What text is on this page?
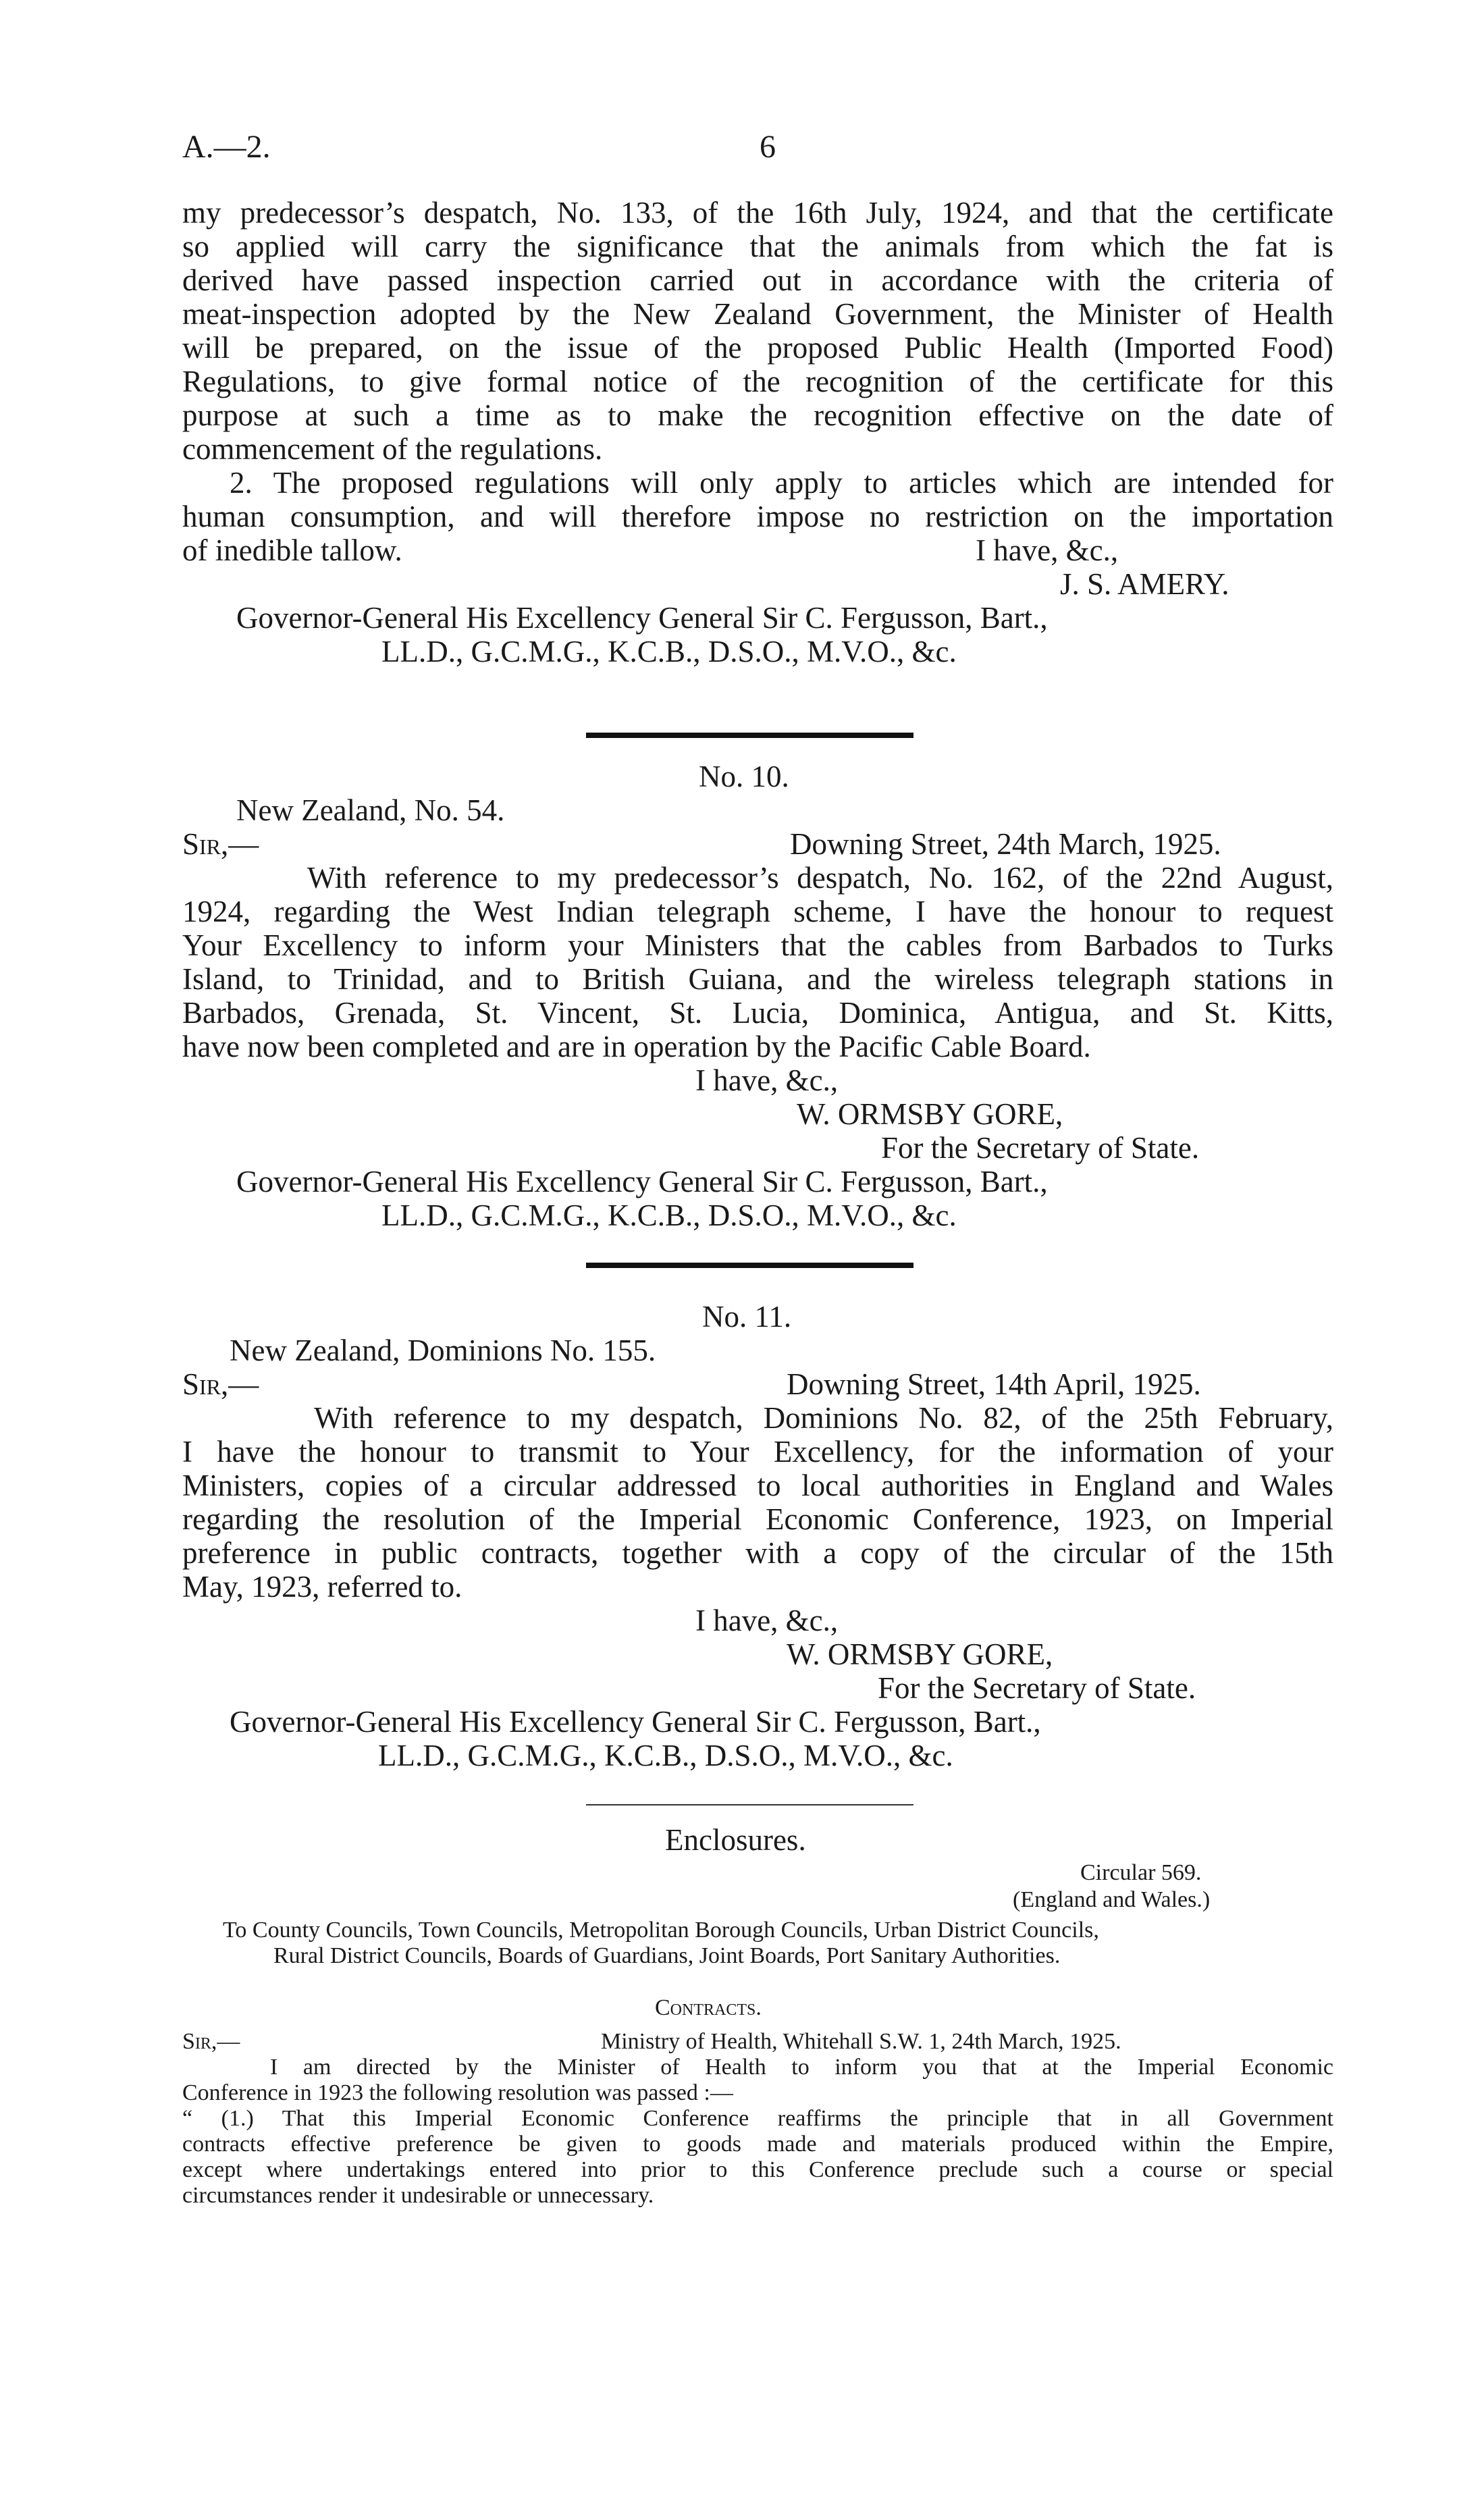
A.—2.	6
my predecessor’s despatch, No. 133, of the 16th July, 1924, and that the certificate
so applied will carry the significance that the animals from which the fat is
derived have passed inspection carried out in accordance with the criteria of
meat-inspection adopted by the New Zealand Government, the Minister of Health
will be prepared, on the issue of the proposed Public Health (Imported Food)
Regulations, to give formal notice of the recognition of the certificate for this
purpose at such a time as to make the recognition effective on the date of
commencement of the regulations.
2. The proposed regulations will only apply to articles which are intended for
human consumption, and will therefore impose no restriction on the importation
of inedible tallow.	I have, &c.,
J. S. AMERY.
Governor-General His Excellency General Sir C. Fergusson, Bart.,
LL.D., G.C.M.G., K.C.B., D.S.O., M.V.O., &c.
No. 10.
New Zealand, No. 54.
Sir,—	Downing Street, 24th March, 1925.
With reference to my predecessor’s despatch, No. 162, of the 22nd August,
1924, regarding the West Indian telegraph scheme, I have the honour to request
Your Excellency to inform your Ministers that the cables from Barbados to Turks
Island, to Trinidad, and to British Guiana, and the wireless telegraph stations in
Barbados, Grenada, St. Vincent, St. Lucia, Dominica, Antigua, and St. Kitts,
have now been completed and are in operation by the Pacific Cable Board.
I have, &c.,
W. ORMSBY GORE,
For the Secretary of State.
Governor-General His Excellency General Sir C. Fergusson, Bart.,
LL.D., G.C.M.G., K.C.B., D.S.O., M.V.O., &c.
No. 11.
New Zealand, Dominions No. 155.
Sir,—	Downing Street, 14th April, 1925.
With reference to my despatch, Dominions No. 82, of the 25th February,
I have the honour to transmit to Your Excellency, for the information of your
Ministers, copies of a circular addressed to local authorities in England and Wales
regarding the resolution of the Imperial Economic Conference, 1923, on Imperial
preference in public contracts, together with a copy of the circular of the 15th
May, 1923, referred to.
I have, &c.,
W. ORMSBY GORE,
For the Secretary of State.
Governor-General His Excellency General Sir C. Fergusson, Bart.,
LL.D., G.C.M.G., K.C.B., D.S.O., M.V.O., &c.
Enclosures.
Circular 569.
(England and Wales.)
To County Councils, Town Councils, Metropolitan Borough Councils, Urban District Councils,
Rural District Councils, Boards of Guardians, Joint Boards, Port Sanitary Authorities.
Contracts.
Sir,—	Ministry of Health, Whitehall S.W. 1, 24th March, 1925.
I am directed by the Minister of Health to inform you that at the Imperial Economic
Conference in 1923 the following resolution was passed :—
“ (1.) That this Imperial Economic Conference reaffirms the principle that in all Government
contracts effective preference be given to goods made and materials produced within the Empire,
except where undertakings entered into prior to this Conference preclude such a course or special
circumstances render it undesirable or unnecessary.
